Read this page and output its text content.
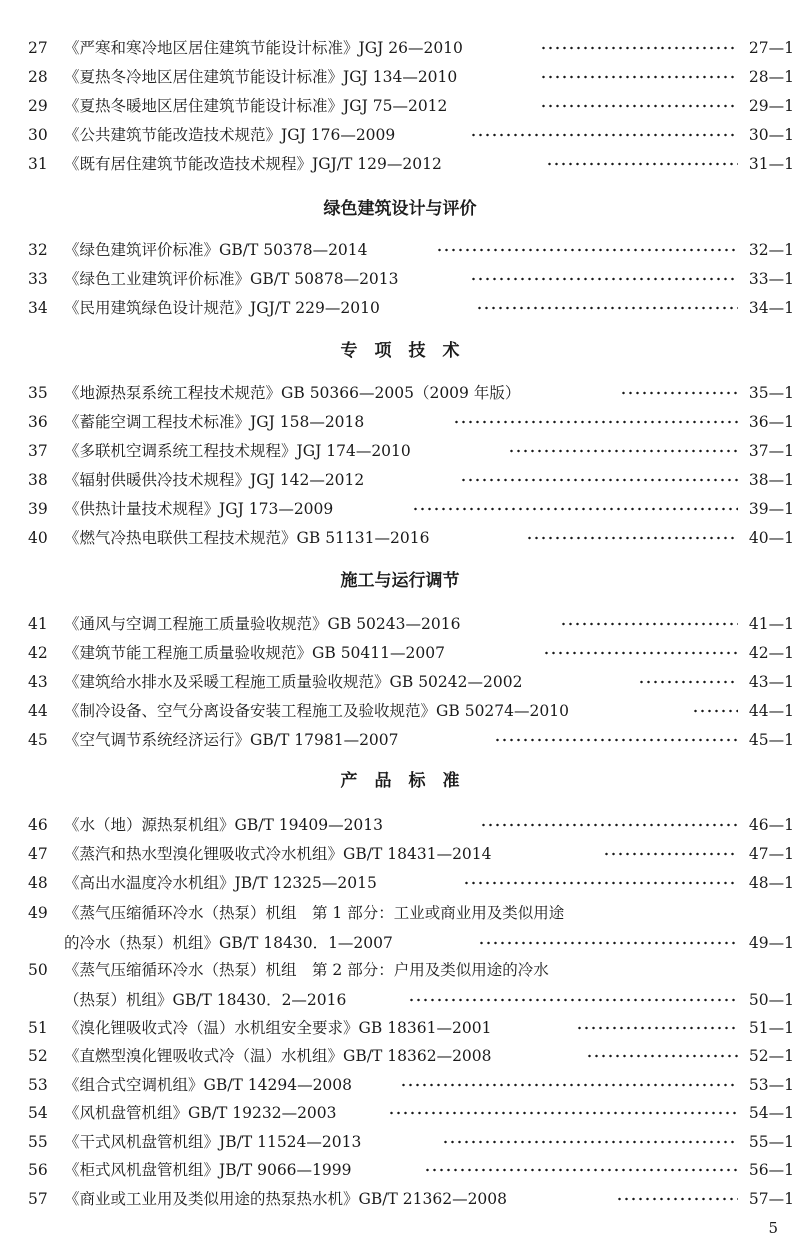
27 《严寒和寒冷地区居住建筑节能设计标准》JGJ 26—2010	27—1
28 《夏热冬冷地区居住建筑节能设计标准》JGJ 134—2010	28—1
29 《夏热冬暖地区居住建筑节能设计标准》JGJ 75—2012	29—1
30 《公共建筑节能改造技术规范》JGJ 176—2009	30—1
31 《既有居住建筑节能改造技术规程》JGJ/T 129—2012	31—1
绿色建筑设计与评价
32 《绿色建筑评价标准》GB/T 50378—2014	32—1
33 《绿色工业建筑评价标准》GB/T 50878—2013	33—1
34 《民用建筑绿色设计规范》JGJ/T 229—2010	34—1
专　项　技　术
35 《地源热泵系统工程技术规范》GB 50366—2005（2009 年版）	35—1
36 《蓄能空调工程技术标准》JGJ 158—2018	36—1
37 《多联机空调系统工程技术规程》JGJ 174—2010	37—1
38 《辐射供暖供冷技术规程》JGJ 142—2012	38—1
39 《供热计量技术规程》JGJ 173—2009	39—1
40 《燃气冷热电联供工程技术规范》GB 51131—2016	40—1
施工与运行调节
41 《通风与空调工程施工质量验收规范》GB 50243—2016	41—1
42 《建筑节能工程施工质量验收规范》GB 50411—2007	42—1
43 《建筑给水排水及采暖工程施工质量验收规范》GB 50242—2002	43—1
44 《制冷设备、空气分离设备安装工程施工及验收规范》GB 50274—2010	44—1
45 《空气调节系统经济运行》GB/T 17981—2007	45—1
产　品　标　准
46 《水（地）源热泵机组》GB/T 19409—2013	46—1
47 《蒸汽和热水型溴化锂吸收式冷水机组》GB/T 18431—2014	47—1
48 《高出水温度冷水机组》JB/T 12325—2015	48—1
49 《蒸气压缩循环冷水（热泵）机组　第 1 部分：工业或商业用及类似用途
的冷水（热泵）机组》GB/T 18430．1—2007	49—1
50 《蒸气压缩循环冷水（热泵）机组　第 2 部分：户用及类似用途的冷水
（热泵）机组》GB/T 18430．2—2016	50—1
51 《溴化锂吸收式冷（温）水机组安全要求》GB 18361—2001	51—1
52 《直燃型溴化锂吸收式冷（温）水机组》GB/T 18362—2008	52—1
53 《组合式空调机组》GB/T 14294—2008	53—1
54 《风机盘管机组》GB/T 19232—2003	54—1
55 《干式风机盘管机组》JB/T 11524—2013	55—1
56 《柜式风机盘管机组》JB/T 9066—1999	56—1
57 《商业或工业用及类似用途的热泵热水机》GB/T 21362—2008	57—1
5
